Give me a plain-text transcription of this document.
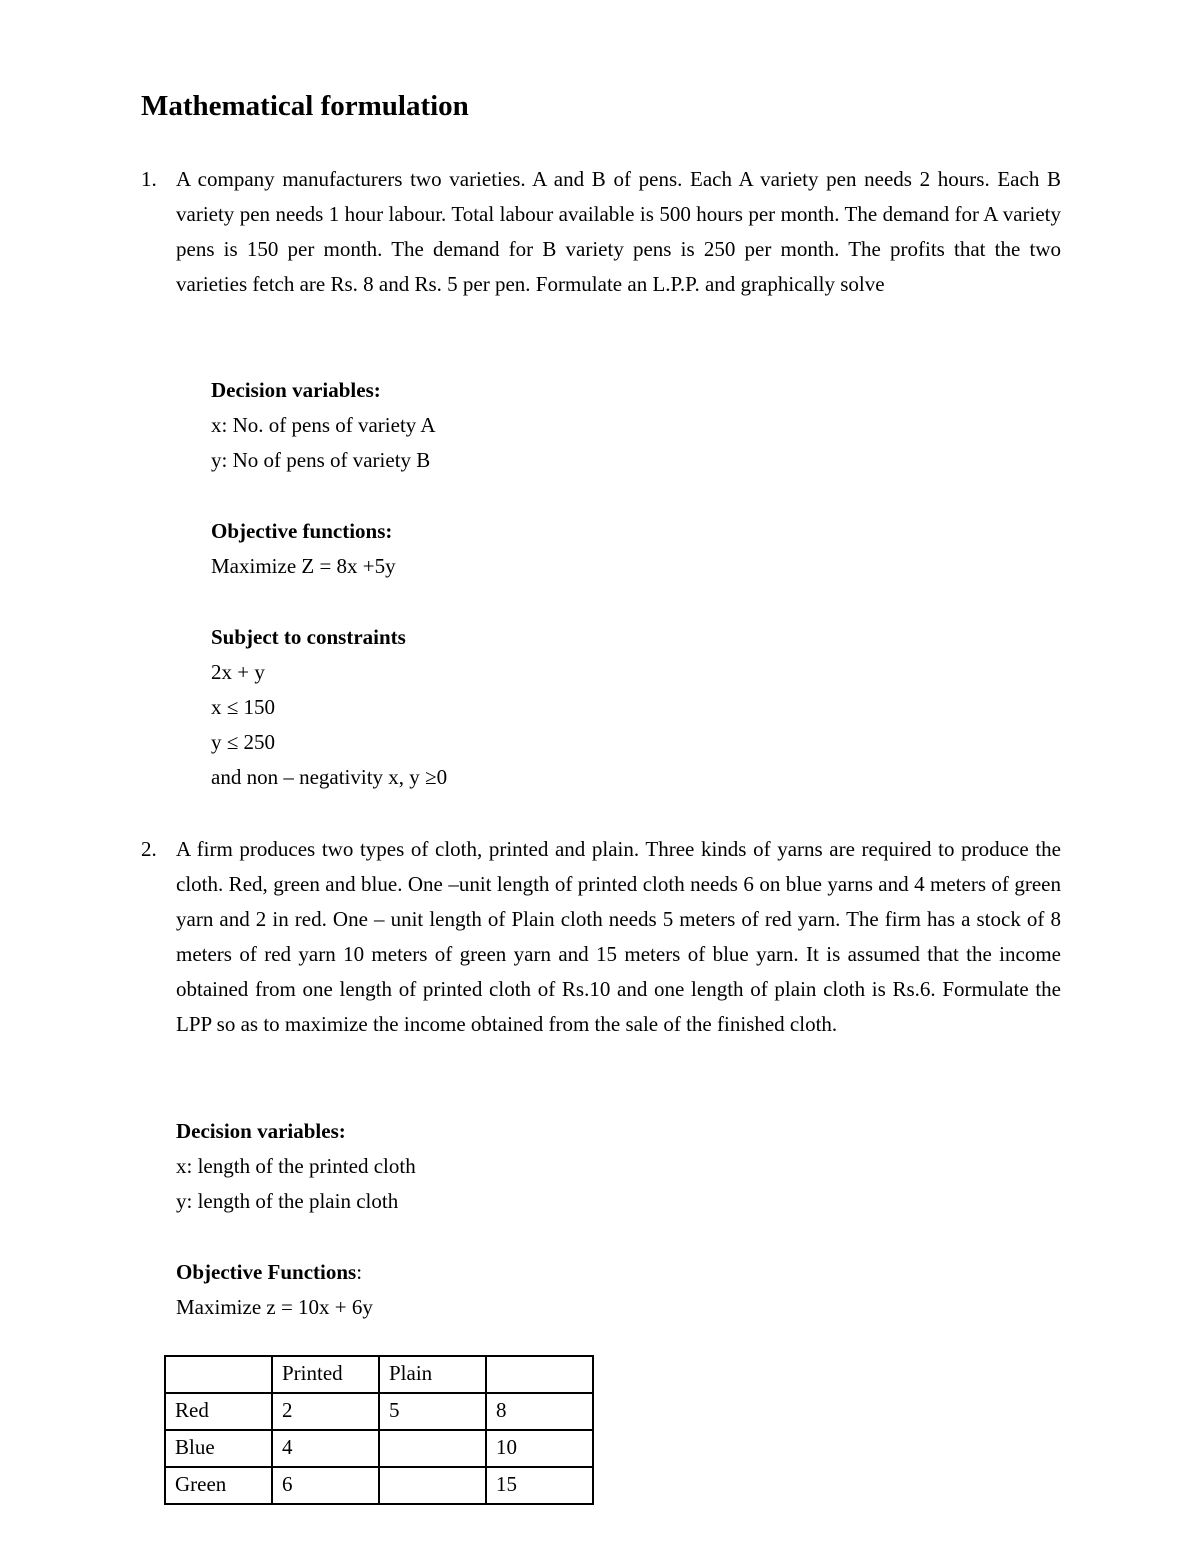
Mathematical formulation
1. A company manufacturers two varieties. A and B of pens. Each A variety pen needs 2 hours. Each B variety pen needs 1 hour labour. Total labour available is 500 hours per month. The demand for A variety pens is 150 per month. The demand for B variety pens is 250 per month. The profits that the two varieties fetch are Rs. 8 and Rs. 5 per pen. Formulate an L.P.P. and graphically solve
Decision variables:
x: No. of pens of variety A
y: No of pens of variety B
Objective functions:
Maximize Z = 8x +5y
Subject to constraints
2x + y
x ≤ 150
y ≤ 250
and non – negativity x, y ≥0
2. A firm produces two types of cloth, printed and plain. Three kinds of yarns are required to produce the cloth. Red, green and blue. One –unit length of printed cloth needs 6 on blue yarns and 4 meters of green yarn and 2 in red. One – unit length of Plain cloth needs 5 meters of red yarn. The firm has a stock of 8 meters of red yarn 10 meters of green yarn and 15 meters of blue yarn. It is assumed that the income obtained from one length of printed cloth of Rs.10 and one length of plain cloth is Rs.6. Formulate the LPP so as to maximize the income obtained from the sale of the finished cloth.
Decision variables:
x: length of the printed cloth
y: length of the plain cloth
Objective Functions:
Maximize z = 10x + 6y
	Printed	Plain	
Red	2	5	8
Blue	4		10
Green	6		15
